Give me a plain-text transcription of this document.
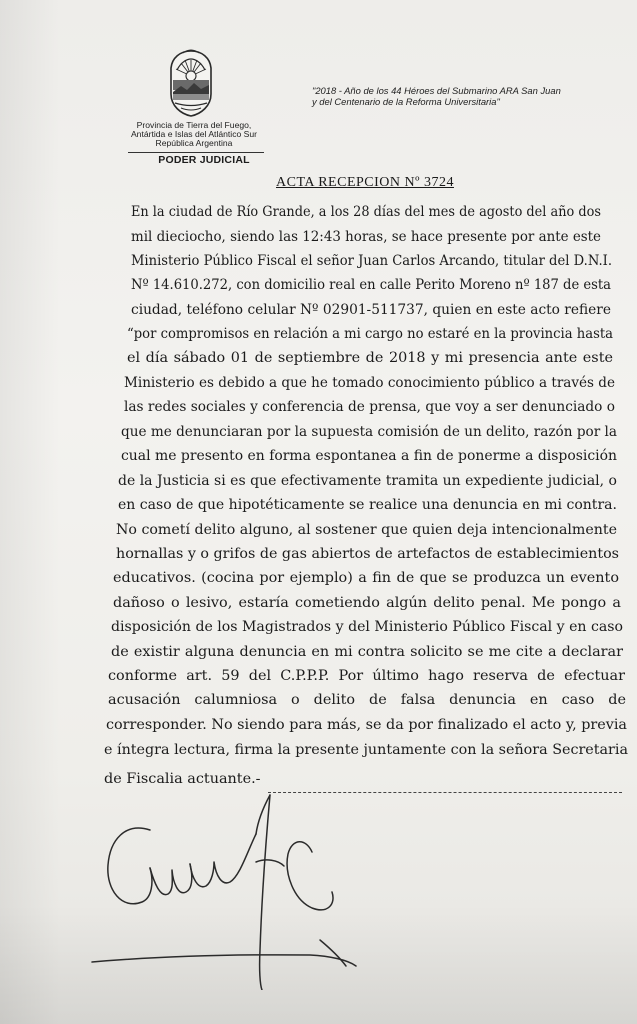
Provincia de Tierra del Fuego,
Antártida e Islas del Atlántico Sur
República Argentina
PODER JUDICIAL
"2018 - Año de los 44 Héroes del Submarino ARA San Juan
y del Centenario de la Reforma Universitaria"
ACTA RECEPCION Nº 3724
En la ciudad de Río Grande, a los 28 días del mes de agosto del año dos
mil dieciocho, siendo las 12:43 horas, se hace presente por ante este
Ministerio Público Fiscal el señor Juan Carlos Arcando, titular del D.N.I.
Nº 14.610.272, con domicilio real en calle Perito Moreno nº 187 de esta
ciudad, teléfono celular Nº 02901-511737, quien en este acto refiere
“por compromisos en relación a mi cargo no estaré en la provincia hasta
el día sábado 01 de septiembre de 2018 y mi presencia ante este
Ministerio es debido a que he tomado conocimiento público a través de
las redes sociales y conferencia de prensa, que voy a ser denunciado o
que me denunciaran por la supuesta comisión de un delito, razón por la
cual me presento en forma espontanea a fin de ponerme a disposición
de la Justicia si es que efectivamente tramita un expediente judicial, o
en caso de que hipotéticamente se realice una denuncia en mi contra.
No cometí delito alguno, al sostener que quien deja intencionalmente
hornallas y o grifos de gas abiertos de artefactos de establecimientos
educativos. (cocina por ejemplo) a fin de que se produzca un evento
dañoso o lesivo, estaría cometiendo algún delito penal. Me pongo a
disposición de los Magistrados y del Ministerio Público Fiscal y en caso
de existir alguna denuncia en mi contra solicito se me cite a declarar
conforme art. 59 del C.P.P.P. Por último hago reserva de efectuar
acusación calumniosa o delito de falsa denuncia en caso de
corresponder. No siendo para más, se da por finalizado el acto y, previa
e íntegra lectura, firma la presente juntamente con la señora Secretaria
de Fiscalia actuante.-
